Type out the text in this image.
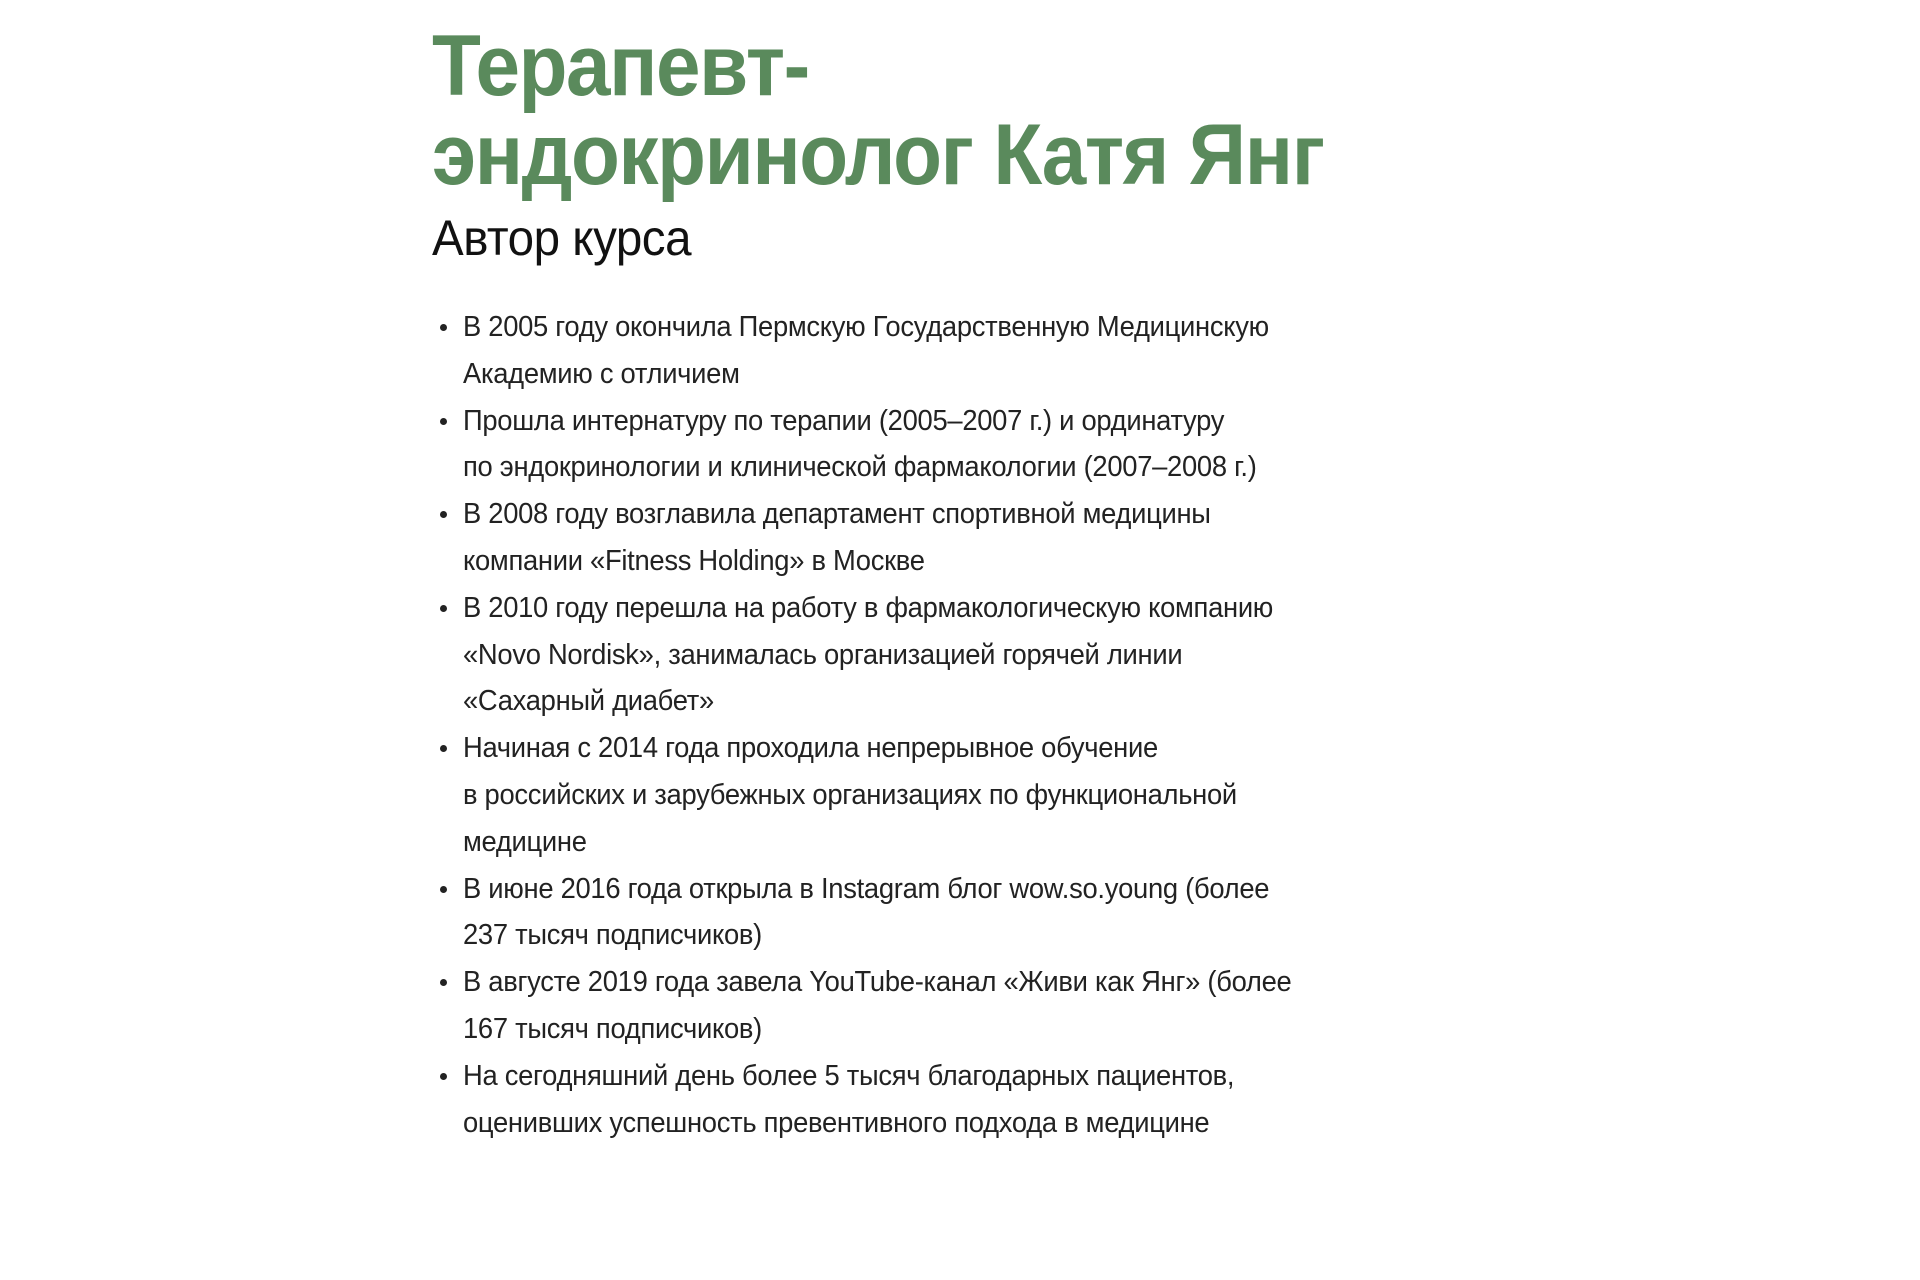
Терапевт-
эндокринолог Катя Янг
Автор курса
В 2005 году окончила Пермскую Государственную Медицинскую
Академию с отличием
Прошла интернатуру по терапии (2005–2007 г.) и ординатуру
по эндокринологии и клинической фармакологии (2007–2008 г.)
В 2008 году возглавила департамент спортивной медицины
компании «Fitness Holding» в Москве
В 2010 году перешла на работу в фармакологическую компанию
«Novo Nordisk», занималась организацией горячей линии
«Сахарный диабет»
Начиная с 2014 года проходила непрерывное обучение
в российских и зарубежных организациях по функциональной
медицине
В июне 2016 года открыла в Instagram блог wow.so.young (более
237 тысяч подписчиков)
В августе 2019 года завела YouTube-канал «Живи как Янг» (более
167 тысяч подписчиков)
На сегодняшний день более 5 тысяч благодарных пациентов,
оценивших успешность превентивного подхода в медицине
